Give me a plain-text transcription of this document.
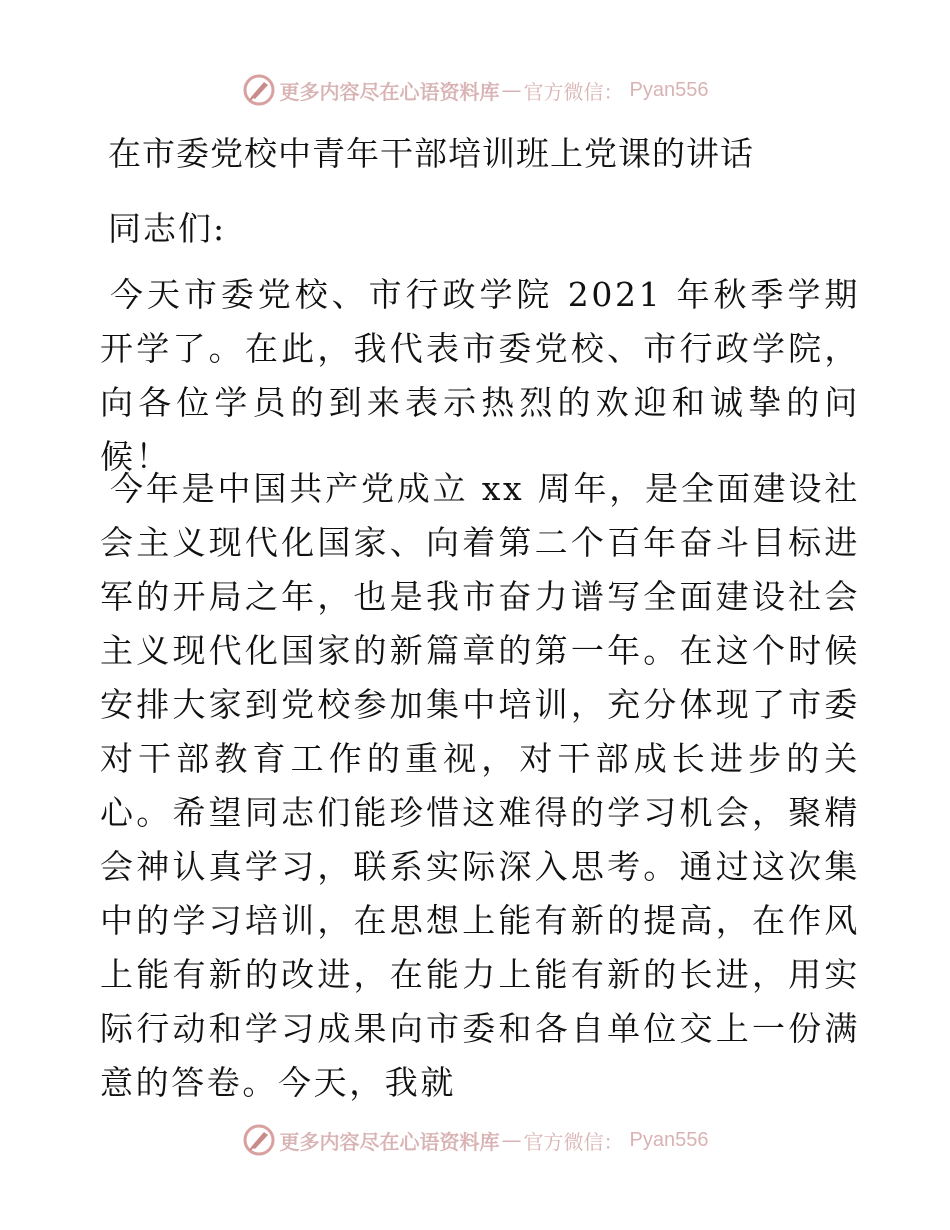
更多内容尽在心语资料库 — 官方微信： Pyan556
在市委党校中青年干部培训班上党课的讲话
同志们:

今天市委党校、市行政学院 2021 年秋季学期开学了。在此，我代表市委党校、市行政学院，向各位学员的到来表示热烈的欢迎和诚挚的问候！

今年是中国共产党成立 xx 周年，是全面建设社会主义现代化国家、向着第二个百年奋斗目标进军的开局之年，也是我市奋力谱写全面建设社会主义现代化国家的新篇章的第一年。在这个时候安排大家到党校参加集中培训，充分体现了市委对干部教育工作的重视，对干部成长进步的关心。希望同志们能珍惜这难得的学习机会，聚精会神认真学习，联系实际深入思考。通过这次集中的学习培训，在思想上能有新的提高，在作风上能有新的改进，在能力上能有新的长进，用实际行动和学习成果向市委和各自单位交上一份满意的答卷。今天，我就

更多内容尽在心语资料库 — 官方微信： Pyan556
